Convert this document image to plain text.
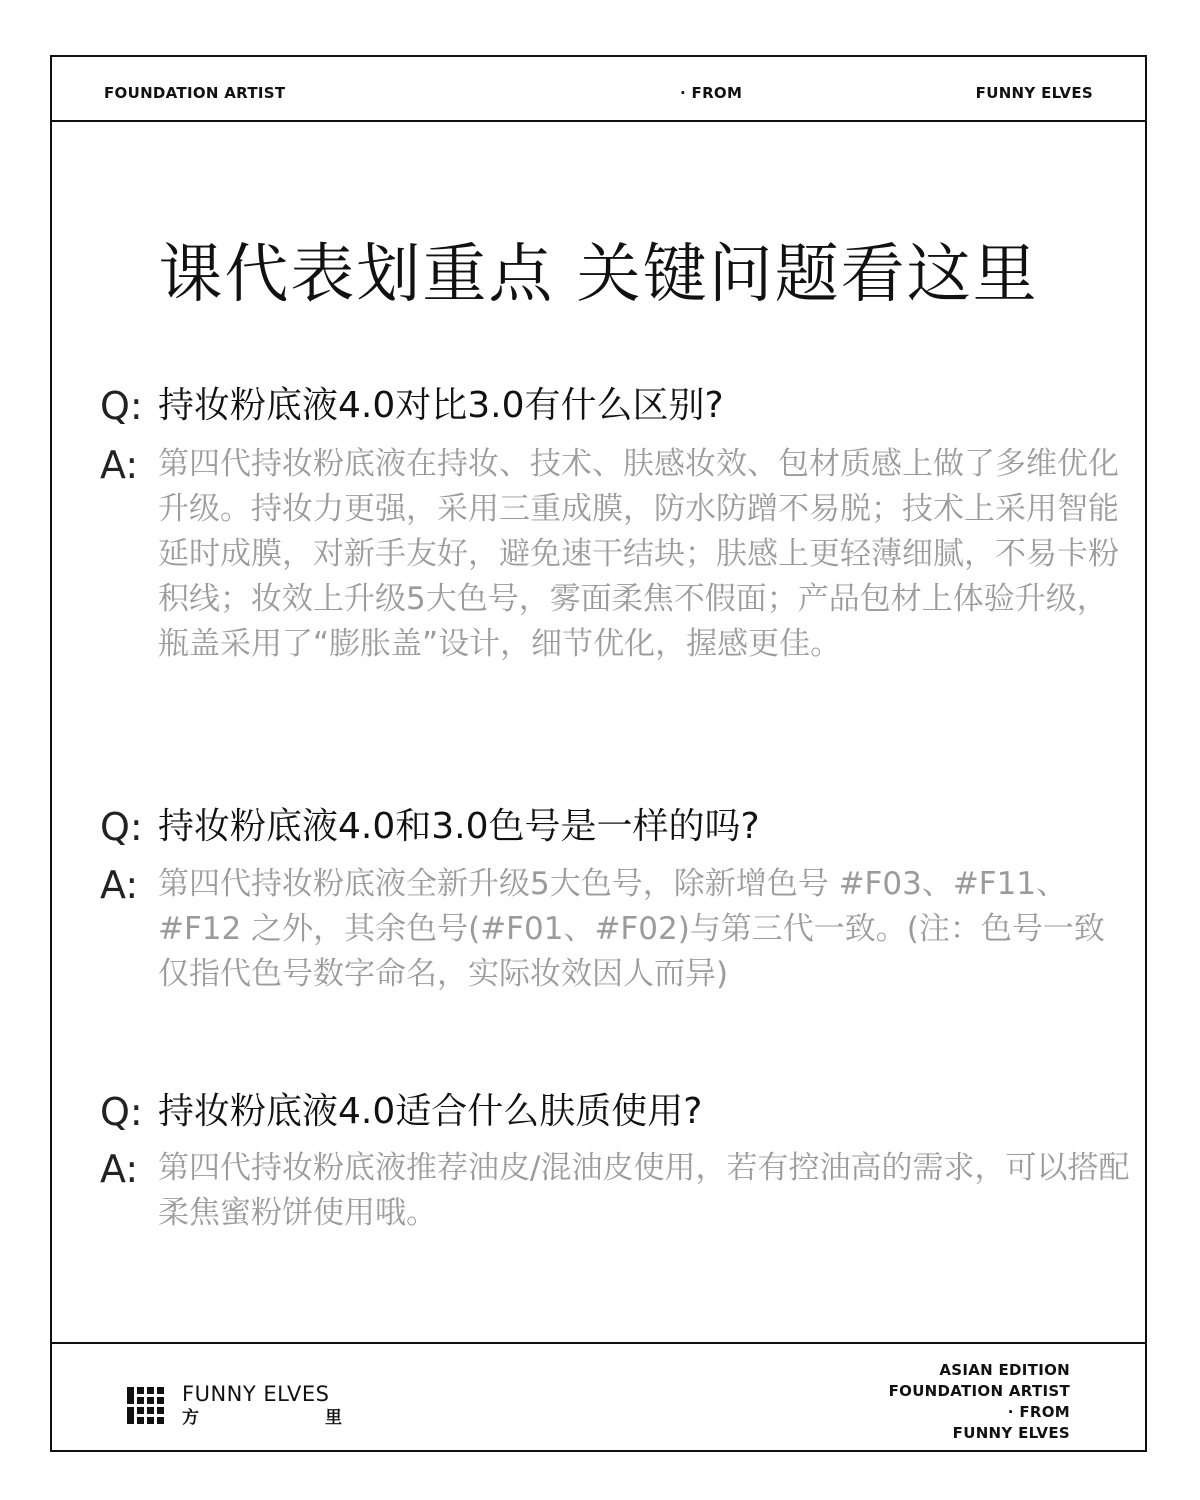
FOUNDATION ARTIST	· FROM	FUNNY ELVES
课代表划重点 关键问题看这里
Q: 持妆粉底液4.0对比3.0有什么区别?
A: 第四代持妆粉底液在持妆、技术、肤感妆效、包材质感上做了多维优化升级。持妆力更强，采用三重成膜，防水防蹭不易脱；技术上采用智能延时成膜，对新手友好，避免速干结块；肤感上更轻薄细腻，不易卡粉积线；妆效上升级5大色号，雾面柔焦不假面；产品包材上体验升级，瓶盖采用了“膨胀盖”设计，细节优化，握感更佳。
Q: 持妆粉底液4.0和3.0色号是一样的吗?
A: 第四代持妆粉底液全新升级5大色号，除新增色号 #F03、#F11、#F12 之外，其余色号(#F01、#F02)与第三代一致。(注：色号一致仅指代色号数字命名，实际妆效因人而异)
Q: 持妆粉底液4.0适合什么肤质使用?
A: 第四代持妆粉底液推荐油皮/混油皮使用，若有控油高的需求，可以搭配柔焦蜜粉饼使用哦。
FUNNY ELVES
方	里
ASIAN EDITION
FOUNDATION ARTIST
· FROM
FUNNY ELVES
